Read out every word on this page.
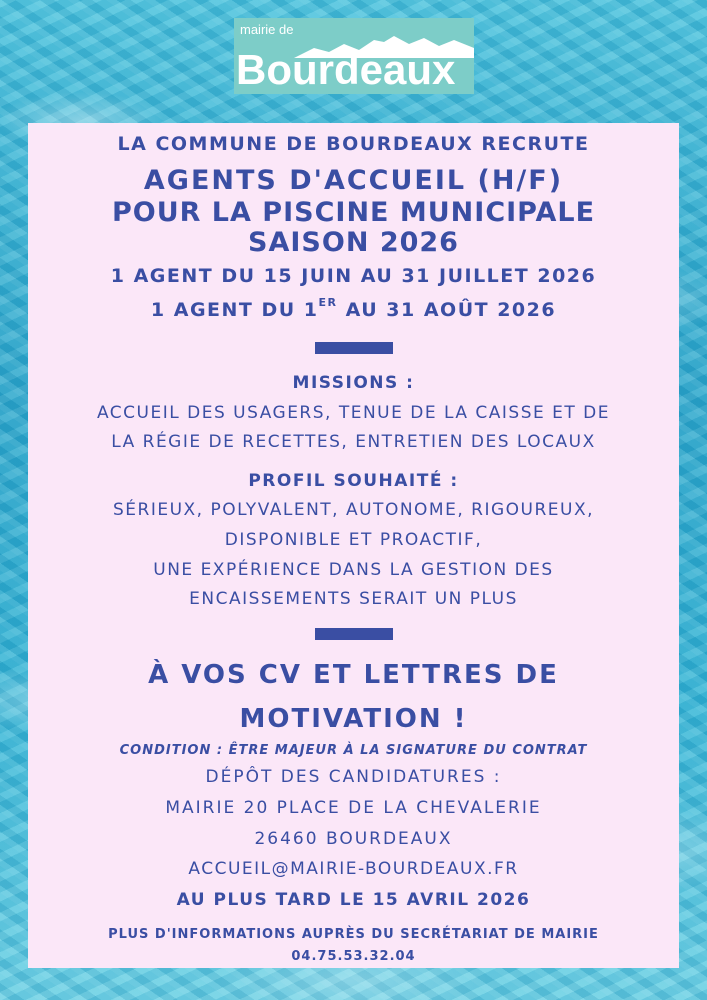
mairie de
Bourdeaux
LA COMMUNE DE BOURDEAUX RECRUTE
AGENTS D'ACCUEIL (H/F)
POUR LA PISCINE MUNICIPALE
SAISON 2026
1 AGENT DU 15 JUIN AU 31 JUILLET 2026
1 AGENT DU 1ER AU 31 AOÛT 2026
MISSIONS :
ACCUEIL DES USAGERS, TENUE DE LA CAISSE ET DE
LA RÉGIE DE RECETTES, ENTRETIEN DES LOCAUX
PROFIL SOUHAITÉ :
SÉRIEUX, POLYVALENT, AUTONOME, RIGOUREUX,
DISPONIBLE ET PROACTIF,
UNE EXPÉRIENCE DANS LA GESTION DES
ENCAISSEMENTS SERAIT UN PLUS
À VOS CV ET LETTRES DE
MOTIVATION !
CONDITION : ÊTRE MAJEUR À LA SIGNATURE DU CONTRAT
DÉPÔT DES CANDIDATURES :
MAIRIE 20 PLACE DE LA CHEVALERIE
26460 BOURDEAUX
ACCUEIL@MAIRIE-BOURDEAUX.FR
AU PLUS TARD LE 15 AVRIL 2026
PLUS D'INFORMATIONS AUPRÈS DU SECRÉTARIAT DE MAIRIE
04.75.53.32.04
